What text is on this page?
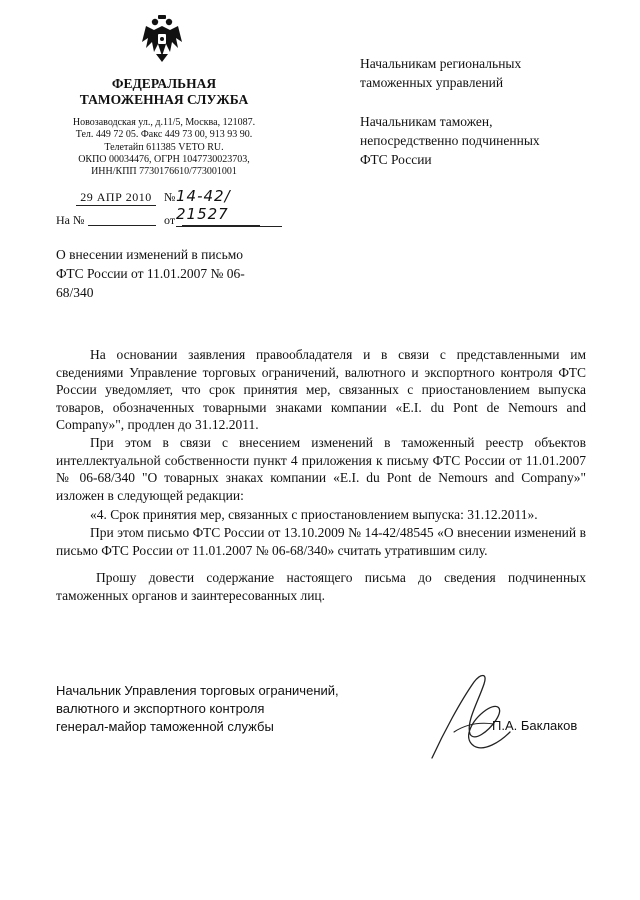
ФЕДЕРАЛЬНАЯ
ТАМОЖЕННАЯ СЛУЖБА
Новозаводская ул., д.11/5, Москва, 121087.
Тел. 449 72 05. Факс 449 73 00, 913 93 90.
Телетайп 611385 VETO RU.
ОКПО 00034476, ОГРН 1047730023703,
ИНН/КПП 7730176610/773001001
29 АПР 2010	№ 14-42/ 21527
На №	от
Начальникам региональных таможенных управлений
Начальникам таможен, непосредственно подчиненных ФТС России
О внесении изменений в письмо ФТС России от 11.01.2007 № 06-68/340

На основании заявления правообладателя и в связи с представленными им сведениями Управление торговых ограничений, валютного и экспортного контроля ФТС России уведомляет, что срок принятия мер, связанных с приостановлением выпуска товаров, обозначенных товарными знаками компании «E.I. du Pont de Nemours and Company»", продлен до 31.12.2011.

При этом в связи с внесением изменений в таможенный реестр объектов интеллектуальной собственности пункт 4 приложения к письму ФТС России от 11.01.2007 № 06-68/340 "О товарных знаках компании «E.I. du Pont de Nemours and Company»" изложен в следующей редакции:

«4. Срок принятия мер, связанных с приостановлением выпуска: 31.12.2011».

При этом письмо ФТС России от 13.10.2009 № 14-42/48545 «О внесении изменений в письмо ФТС России от 11.01.2007 № 06-68/340» считать утратившим силу.

Прошу довести содержание настоящего письма до сведения подчиненных таможенных органов и заинтересованных лиц.

Начальник Управления торговых ограничений,
валютного и экспортного контроля
генерал-майор таможенной службы	П.А. Баклаков
